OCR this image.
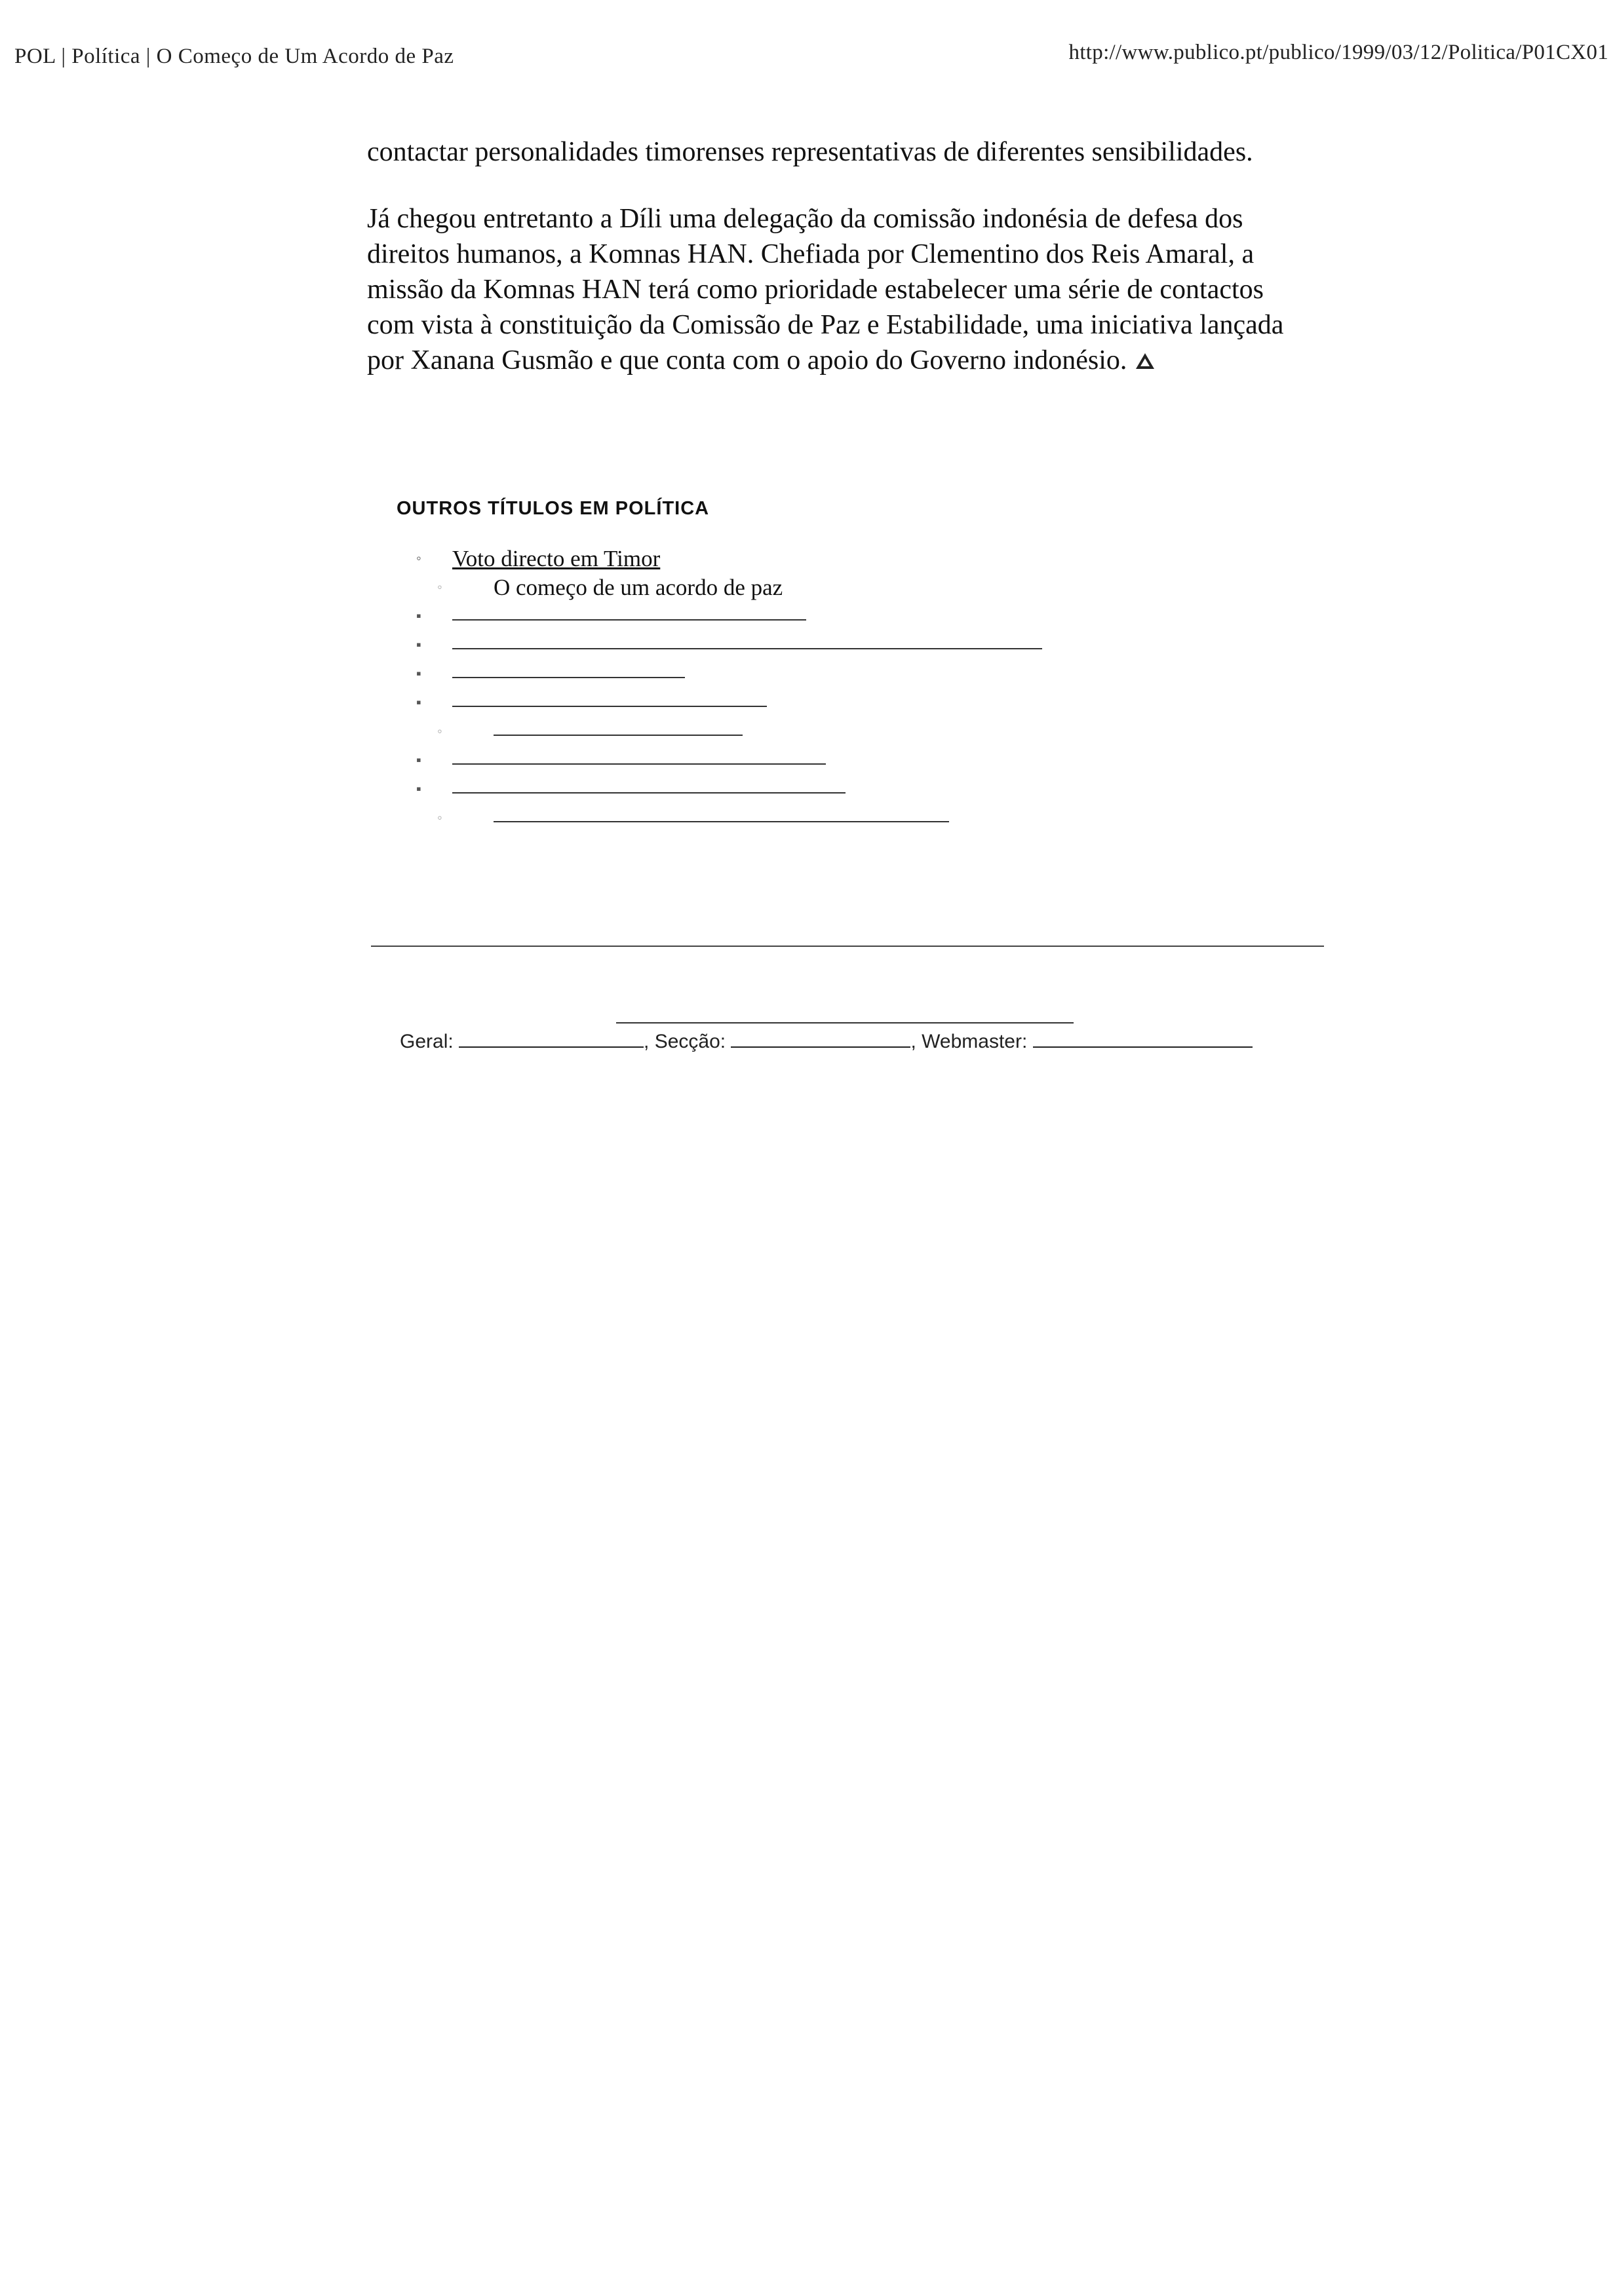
POL | Política | O Começo de Um Acordo de Paz	http://www.publico.pt/publico/1999/03/12/Politica/P01CX01

contactar personalidades timorenses representativas de diferentes sensibilidades.

Já chegou entretanto a Díli uma delegação da comissão indonésia de defesa dos direitos humanos, a Komnas HAN. Chefiada por Clementino dos Reis Amaral, a missão da Komnas HAN terá como prioridade estabelecer uma série de contactos com vista à constituição da Comissão de Paz e Estabilidade, uma iniciativa lançada por Xanana Gusmão e que conta com o apoio do Governo indonésio.

OUTROS TÍTULOS EM POLÍTICA
◦ Voto directo em Timor
◦ O começo de um acordo de paz
▪
▪
▪
▪
◦
▪
▪
◦
Geral:	, Secção:	, Webmaster:
